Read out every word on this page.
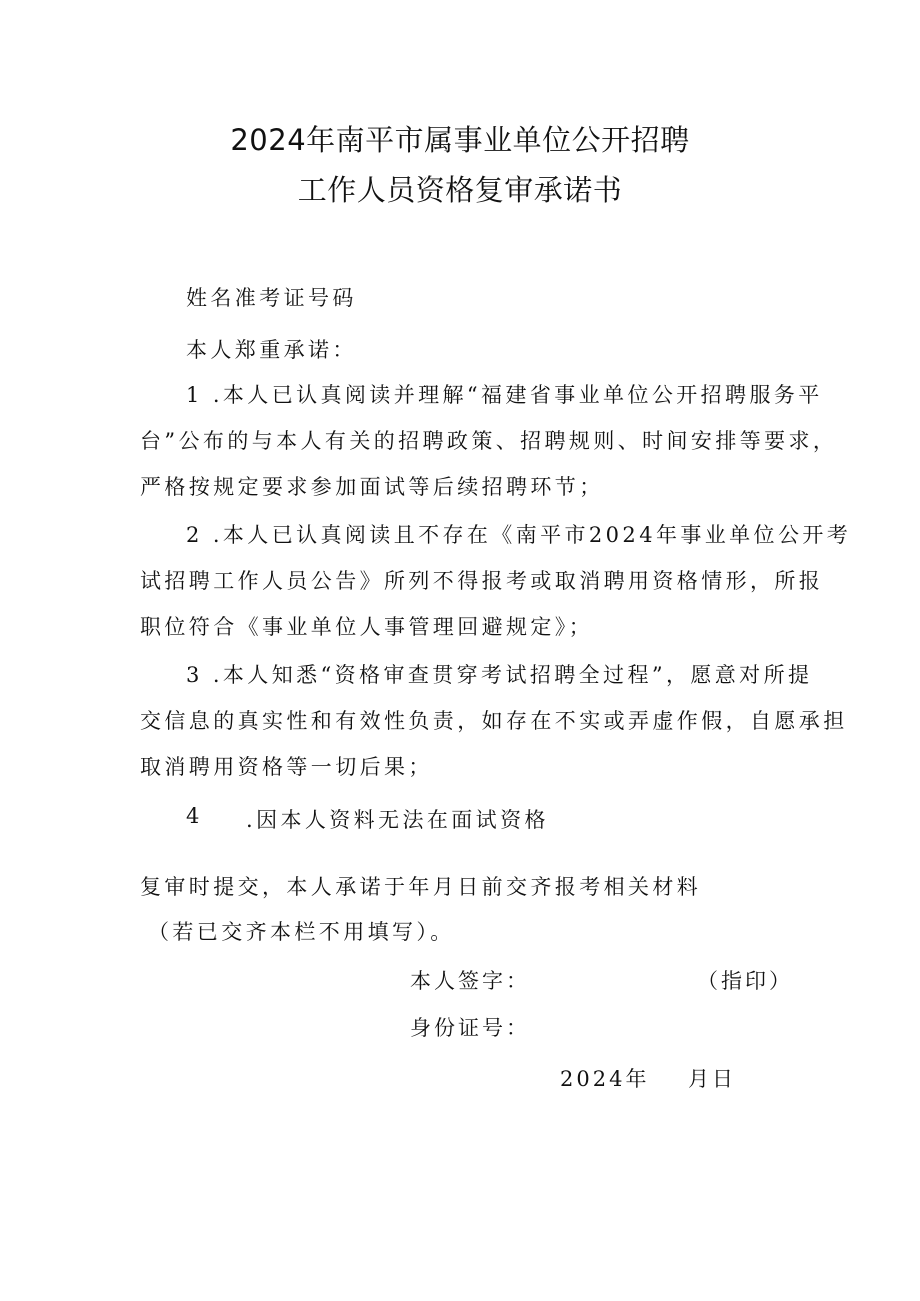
2024年南平市属事业单位公开招聘
工作人员资格复审承诺书
姓名准考证号码
本人郑重承诺：
1 .本人已认真阅读并理解“福建省事业单位公开招聘服务平
台”公布的与本人有关的招聘政策、招聘规则、时间安排等要求，
严格按规定要求参加面试等后续招聘环节；
2 .本人已认真阅读且不存在《南平市2024年事业单位公开考
试招聘工作人员公告》所列不得报考或取消聘用资格情形，所报
职位符合《事业单位人事管理回避规定》；
3 .本人知悉“资格审查贯穿考试招聘全过程”，愿意对所提
交信息的真实性和有效性负责，如存在不实或弄虚作假，自愿承担
取消聘用资格等一切后果；
4 .因本人资料无法在面试资格
复审时提交，本人承诺于年月日前交齐报考相关材料
（若已交齐本栏不用填写）。
本人签字：	（指印）
身份证号：
2024年 月日
